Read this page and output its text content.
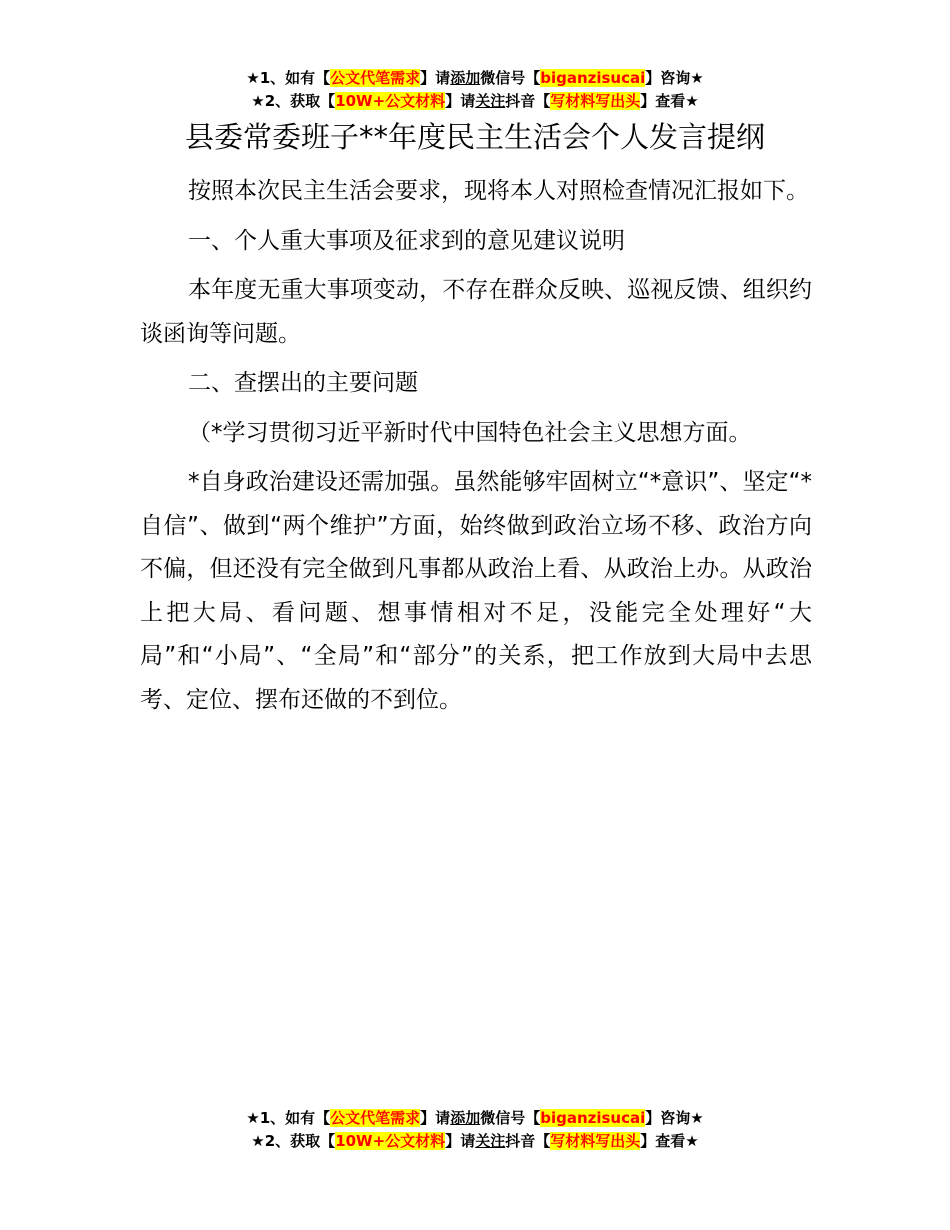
★1、如有【公文代笔需求】请添加微信号【biganzisucai】咨询★
★2、获取【10W+公文材料】请关注抖音【写材料写出头】查看★
县委常委班子**年度民主生活会个人发言提纲

按照本次民主生活会要求，现将本人对照检查情况汇报如下。

一、个人重大事项及征求到的意见建议说明

本年度无重大事项变动，不存在群众反映、巡视反馈、组织约谈函询等问题。

二、查摆出的主要问题

（*学习贯彻习近平新时代中国特色社会主义思想方面。

*自身政治建设还需加强。虽然能够牢固树立“*意识”、坚定“*自信”、做到“两个维护”方面，始终做到政治立场不移、政治方向不偏，但还没有完全做到凡事都从政治上看、从政治上办。从政治上把大局、看问题、想事情相对不足，没能完全处理好“大局”和“小局”、“全局”和“部分”的关系，把工作放到大局中去思考、定位、摆布还做的不到位。

★1、如有【公文代笔需求】请添加微信号【biganzisucai】咨询★
★2、获取【10W+公文材料】请关注抖音【写材料写出头】查看★
